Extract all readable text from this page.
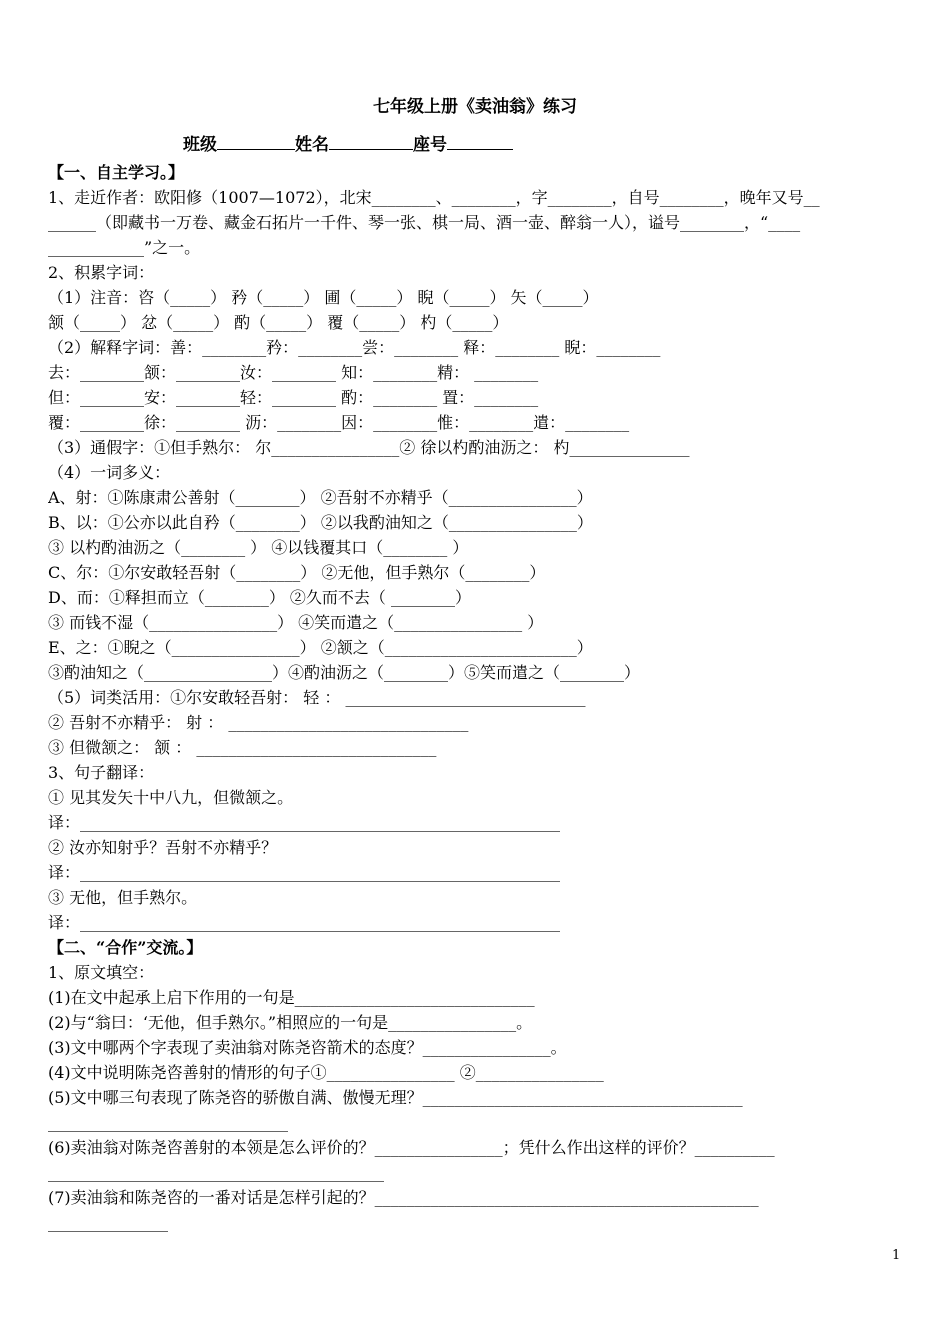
七年级上册《卖油翁》练习
班级	姓名	座号
【一、自主学习。】
1、走近作者：欧阳修（1007—1072），北宋________、________，字________，自号________，晚年又号__
______（即藏书一万卷、藏金石拓片一千件、琴一张、棋一局、酒一壶、醉翁一人），谥号________，“____
____________”之一。
2、积累字词：
（1）注音：咨（_____） 矜（_____） 圃（_____） 睨（_____） 矢（_____）
颔（_____） 忿（_____） 酌（_____） 覆（_____） 杓（_____）
（2）解释字词：善：________矜：________尝：________ 释：________ 睨：________
去：________颔：________汝：________ 知：________精： ________
但：________安：________轻：________ 酌：________ 置：________
覆：________徐：________ 沥：________因：________惟：________遣：________
（3）通假字：①但手熟尔： 尔________________② 徐以杓酌油沥之： 杓_______________
（4）一词多义：
A、射：①陈康肃公善射（________） ②吾射不亦精乎（________________）
B、以：①公亦以此自矜（________） ②以我酌油知之（________________）
③ 以杓酌油沥之（________ ） ④以钱覆其口（________ ）
C、尔：①尔安敢轻吾射（________） ②无他，但手熟尔（________）
D、而：①释担而立（________） ②久而不去（ ________）
③ 而钱不湿（________________） ④笑而遣之（________________ ）
E、之：①睨之（________________） ②颔之（________________________）
③酌油知之（________________）④酌油沥之（________）⑤笑而遣之（________）
（5）词类活用：①尔安敢轻吾射： 轻 ： ______________________________
② 吾射不亦精乎： 射 ： ______________________________
③ 但微颔之： 颔 ： ______________________________
3、句子翻译：
① 见其发矢十中八九，但微颔之。
译：____________________________________________________________
② 汝亦知射乎？吾射不亦精乎？
译：____________________________________________________________
③ 无他，但手熟尔。
译：____________________________________________________________
【二、“合作”交流。】
1、原文填空：
(1)在文中起承上启下作用的一句是______________________________
(2)与“翁曰：‘无他，但手熟尔。”相照应的一句是________________。
(3)文中哪两个字表现了卖油翁对陈尧咨箭术的态度？________________。
(4)文中说明陈尧咨善射的情形的句子①________________ ②________________
(5)文中哪三句表现了陈尧咨的骄傲自满、傲慢无理？________________________________________
______________________________
(6)卖油翁对陈尧咨善射的本领是怎么评价的？________________；凭什么作出这样的评价？__________
__________________________________________
(7)卖油翁和陈尧咨的一番对话是怎样引起的？________________________________________________
_______________
1
